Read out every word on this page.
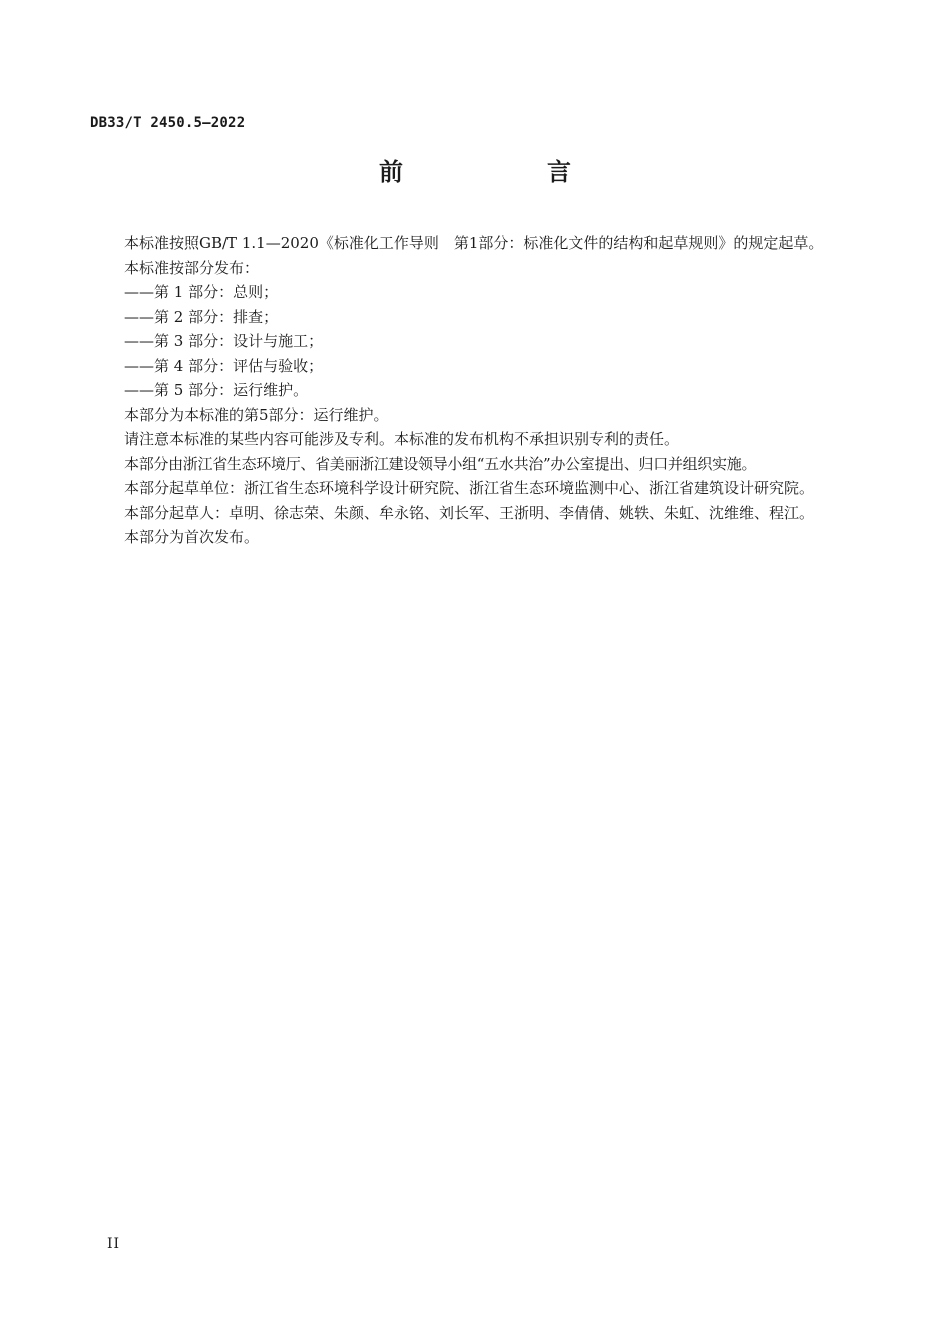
DB33/T 2450.5—2022
前　言

本标准按照GB/T 1.1—2020《标准化工作导则　第1部分：标准化文件的结构和起草规则》的规定起草。

本标准按部分发布：

——第 1 部分：总则；

——第 2 部分：排查；

——第 3 部分：设计与施工；

——第 4 部分：评估与验收；

——第 5 部分：运行维护。

本部分为本标准的第5部分：运行维护。

请注意本标准的某些内容可能涉及专利。本标准的发布机构不承担识别专利的责任。

本部分由浙江省生态环境厅、省美丽浙江建设领导小组“五水共治”办公室提出、归口并组织实施。

本部分起草单位：浙江省生态环境科学设计研究院、浙江省生态环境监测中心、浙江省建筑设计研究院。

本部分起草人：卓明、徐志荣、朱颜、牟永铭、刘长军、王浙明、李倩倩、姚轶、朱虹、沈维维、程江。

本部分为首次发布。

II
